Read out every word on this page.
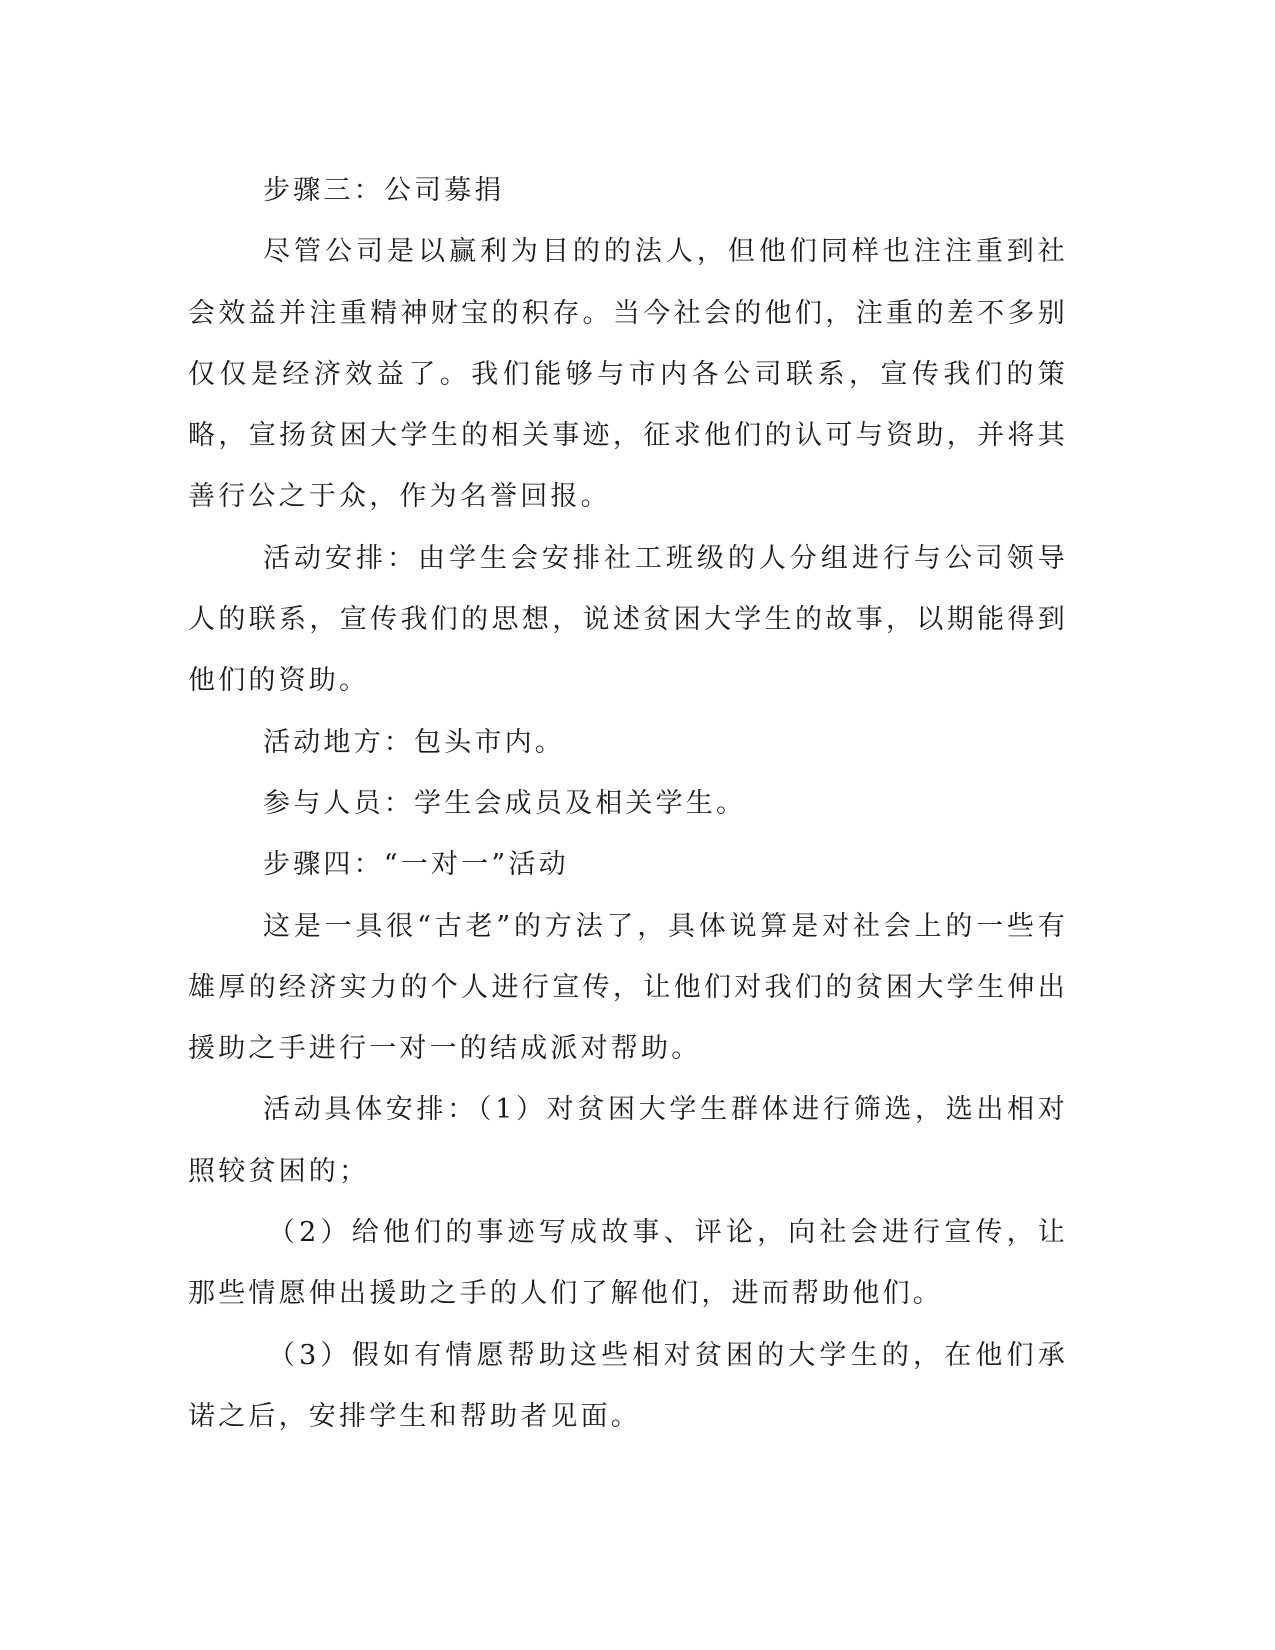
步骤三：公司募捐

尽管公司是以赢利为目的的法人，但他们同样也注注重到社会效益并注重精神财宝的积存。当今社会的他们，注重的差不多别仅仅是经济效益了。我们能够与市内各公司联系，宣传我们的策略，宣扬贫困大学生的相关事迹，征求他们的认可与资助，并将其善行公之于众，作为名誉回报。

活动安排：由学生会安排社工班级的人分组进行与公司领导人的联系，宣传我们的思想，说述贫困大学生的故事，以期能得到他们的资助。

活动地方：包头市内。

参与人员：学生会成员及相关学生。

步骤四：“一对一”活动

这是一具很“古老”的方法了，具体说算是对社会上的一些有雄厚的经济实力的个人进行宣传，让他们对我们的贫困大学生伸出援助之手进行一对一的结成派对帮助。

活动具体安排：（1）对贫困大学生群体进行筛选，选出相对照较贫困的；

（2）给他们的事迹写成故事、评论，向社会进行宣传，让那些情愿伸出援助之手的人们了解他们，进而帮助他们。

（3）假如有情愿帮助这些相对贫困的大学生的，在他们承诺之后，安排学生和帮助者见面。
